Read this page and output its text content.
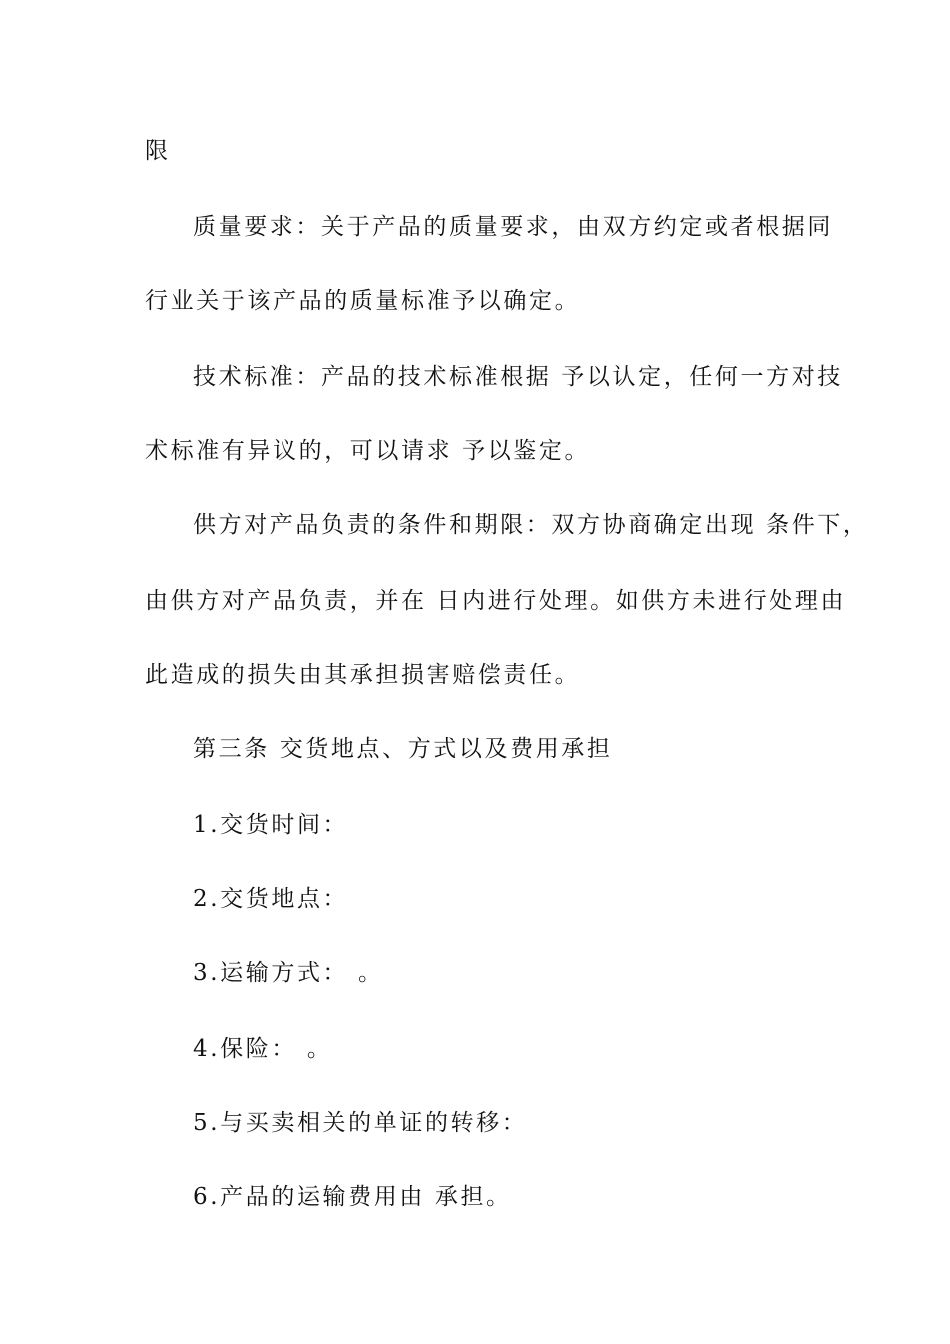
限
质量要求：关于产品的质量要求，由双方约定或者根据同
行业关于该产品的质量标准予以确定。
技术标准：产品的技术标准根据 予以认定，任何一方对技
术标准有异议的，可以请求 予以鉴定。
供方对产品负责的条件和期限：双方协商确定出现 条件下，
由供方对产品负责，并在 日内进行处理。如供方未进行处理由
此造成的损失由其承担损害赔偿责任。
第三条 交货地点、方式以及费用承担
1.交货时间：
2.交货地点：
3.运输方式： 。
4.保险： 。
5.与买卖相关的单证的转移：
6.产品的运输费用由 承担。
